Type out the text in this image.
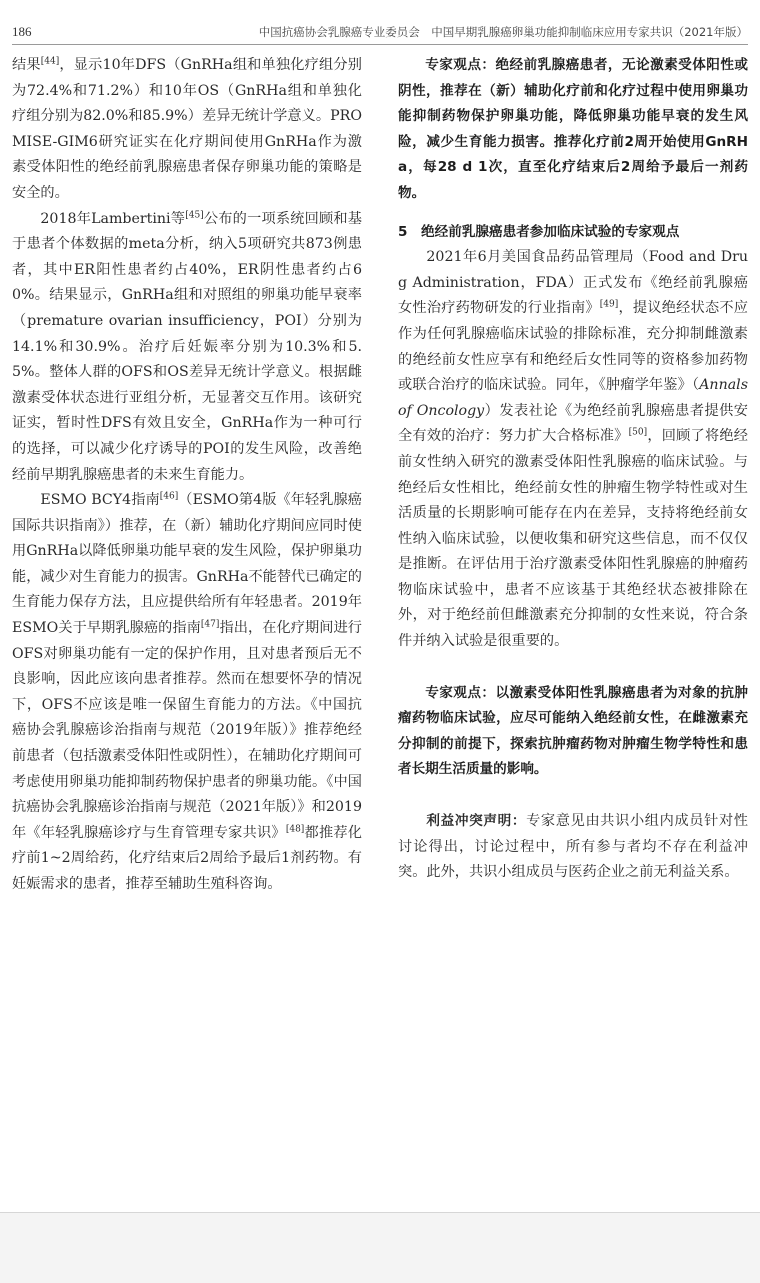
186	中国抗癌协会乳腺癌专业委员会　中国早期乳腺癌卵巢功能抑制临床应用专家共识（2021年版）

结果[44]，显示10年DFS（GnRHa组和单独化疗组分别为72.4%和71.2%）和10年OS（GnRHa组和单独化疗组分别为82.0%和85.9%）差异无统计学意义。PROMISE-GIM6研究证实在化疗期间使用GnRHa作为激素受体阳性的绝经前乳腺癌患者保存卵巢功能的策略是安全的。

2018年Lambertini等[45]公布的一项系统回顾和基于患者个体数据的meta分析，纳入5项研究共873例患者，其中ER阳性患者约占40%，ER阴性患者约占60%。结果显示，GnRHa组和对照组的卵巢功能早衰率（premature ovarian insufficiency，POI）分别为14.1%和30.9%。治疗后妊娠率分别为10.3%和5.5%。整体人群的OFS和OS差异无统计学意义。根据雌激素受体状态进行亚组分析，无显著交互作用。该研究证实，暂时性DFS有效且安全，GnRHa作为一种可行的选择，可以减少化疗诱导的POI的发生风险，改善绝经前早期乳腺癌患者的未来生育能力。

ESMO BCY4指南[46]（ESMO第4版《年轻乳腺癌国际共识指南》）推荐，在（新）辅助化疗期间应同时使用GnRHa以降低卵巢功能早衰的发生风险，保护卵巢功能，减少对生育能力的损害。GnRHa不能替代已确定的生育能力保存方法，且应提供给所有年轻患者。2019年ESMO关于早期乳腺癌的指南[47]指出，在化疗期间进行OFS对卵巢功能有一定的保护作用，且对患者预后无不良影响，因此应该向患者推荐。然而在想要怀孕的情况下，OFS不应该是唯一保留生育能力的方法。《中国抗癌协会乳腺癌诊治指南与规范（2019年版）》推荐绝经前患者（包括激素受体阳性或阴性），在辅助化疗期间可考虑使用卵巢功能抑制药物保护患者的卵巢功能。《中国抗癌协会乳腺癌诊治指南与规范（2021年版）》和2019年《年轻乳腺癌诊疗与生育管理专家共识》[48]都推荐化疗前1~2周给药，化疗结束后2周给予最后1剂药物。有妊娠需求的患者，推荐至辅助生殖科咨询。

专家观点：绝经前乳腺癌患者，无论激素受体阳性或阴性，推荐在（新）辅助化疗前和化疗过程中使用卵巢功能抑制药物保护卵巢功能，降低卵巢功能早衰的发生风险，减少生育能力损害。推荐化疗前2周开始使用GnRHa，每28 d 1次，直至化疗结束后2周给予最后一剂药物。

5　绝经前乳腺癌患者参加临床试验的专家观点

2021年6月美国食品药品管理局（Food and Drug Administration，FDA）正式发布《绝经前乳腺癌女性治疗药物研发的行业指南》[49]，提议绝经状态不应作为任何乳腺癌临床试验的排除标准，充分抑制雌激素的绝经前女性应享有和绝经后女性同等的资格参加药物或联合治疗的临床试验。同年，《肿瘤学年鉴》（Annals of Oncology）发表社论《为绝经前乳腺癌患者提供安全有效的治疗：努力扩大合格标准》[50]，回顾了将绝经前女性纳入研究的激素受体阳性乳腺癌的临床试验。与绝经后女性相比，绝经前女性的肿瘤生物学特性或对生活质量的长期影响可能存在内在差异，支持将绝经前女性纳入临床试验，以便收集和研究这些信息，而不仅仅是推断。在评估用于治疗激素受体阳性乳腺癌的肿瘤药物临床试验中，患者不应该基于其绝经状态被排除在外，对于绝经前但雌激素充分抑制的女性来说，符合条件并纳入试验是很重要的。

专家观点：以激素受体阳性乳腺癌患者为对象的抗肿瘤药物临床试验，应尽可能纳入绝经前女性，在雌激素充分抑制的前提下，探索抗肿瘤药物对肿瘤生物学特性和患者长期生活质量的影响。

利益冲突声明：专家意见由共识小组内成员针对性讨论得出，讨论过程中，所有参与者均不存在利益冲突。此外，共识小组成员与医药企业之前无利益关系。
